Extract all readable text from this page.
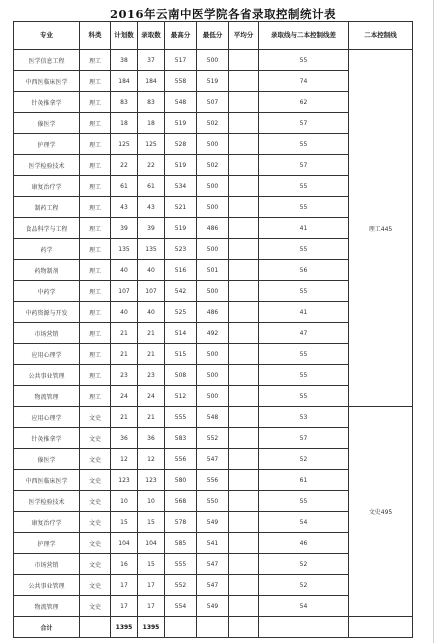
2016年云南中医学院各省录取控制统计表
专业	科类	计划数	录取数	最高分	最低分	平均分	录取线与二本控制线差	二本控制线
医学信息工程	理工	38	37	517	500		55	理工445
中西医临床医学	理工	184	184	558	519		74	
针灸推拿学	理工	83	83	548	507		62	
傣医学	理工	18	18	519	502		57	
护理学	理工	125	125	528	500		55	
医学检验技术	理工	22	22	519	502		57	
康复治疗学	理工	61	61	534	500		55	
制药工程	理工	43	43	521	500		55	
食品科学与工程	理工	39	39	519	486		41	
药学	理工	135	135	523	500		55	
药物制剂	理工	40	40	516	501		56	
中药学	理工	107	107	542	500		55	
中药资源与开发	理工	40	40	525	486		41	
市场营销	理工	21	21	514	492		47	
应用心理学	理工	21	21	515	500		55	
公共事业管理	理工	23	23	508	500		55	
物流管理	理工	24	24	512	500		55	
应用心理学	文史	21	21	555	548		53	文史495
针灸推拿学	文史	36	36	583	552		57	
傣医学	文史	12	12	556	547		52	
中西医临床医学	文史	123	123	580	556		61	
医学检验技术	文史	10	10	568	550		55	
康复治疗学	文史	15	15	578	549		54	
护理学	文史	104	104	585	541		46	
市场营销	文史	16	15	555	547		52	
公共事业管理	文史	17	17	552	547		52	
物流管理	文史	17	17	554	549		54	
合计		1395	1395					
